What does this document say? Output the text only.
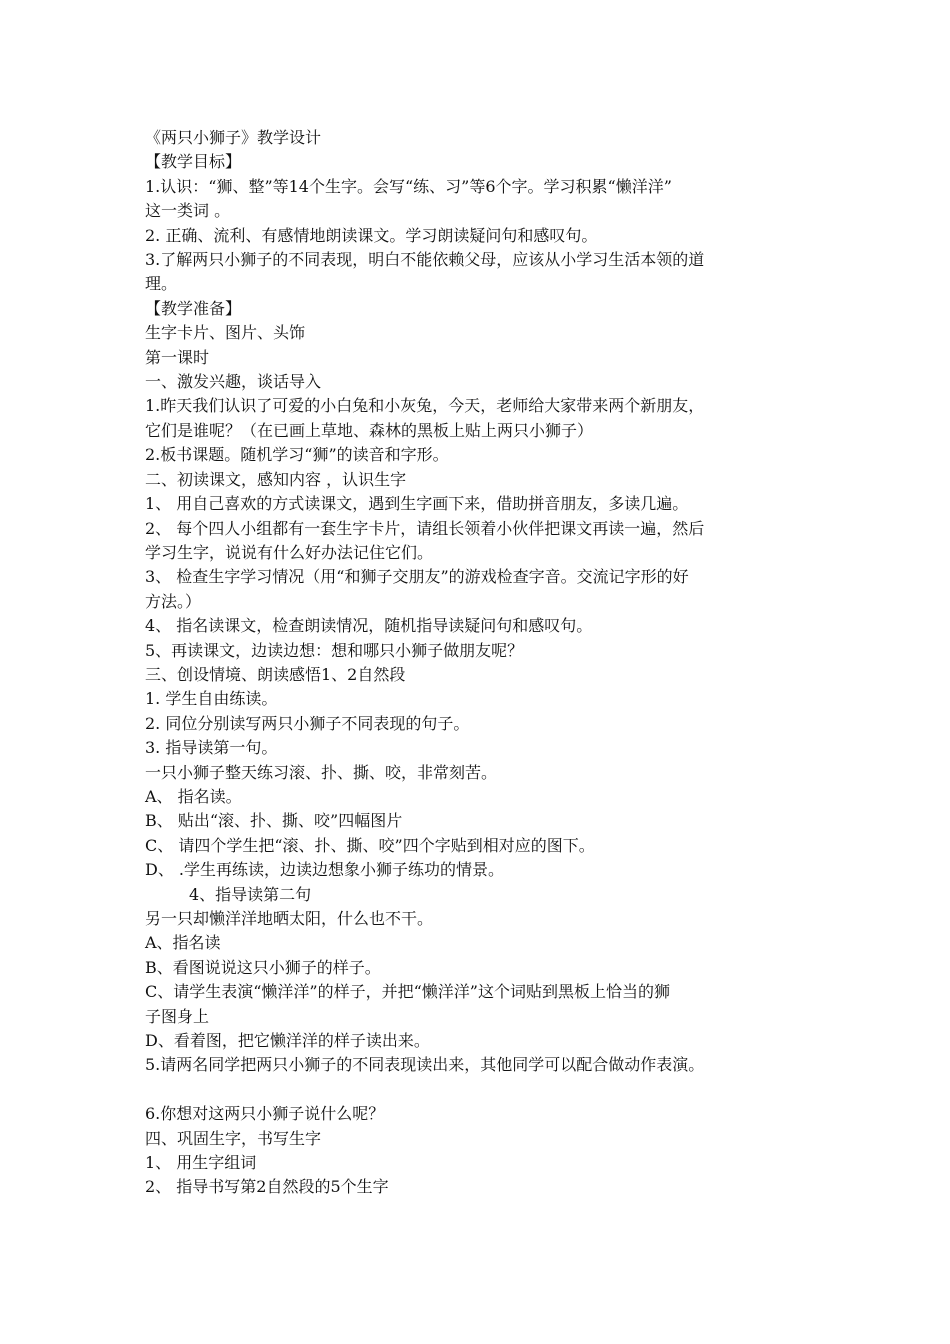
《两只小狮子》教学设计

【教学目标】

1.认识：“狮、整”等14个生字。会写“练、习”等6个字。学习积累“懒洋洋”

这一类词 。

2. 正确、流利、有感情地朗读课文。学习朗读疑问句和感叹句。

3.了解两只小狮子的不同表现，明白不能依赖父母，应该从小学习生活本领的道

理。

【教学准备】

生字卡片、图片、头饰

第一课时

一、激发兴趣，谈话导入

1.昨天我们认识了可爱的小白兔和小灰兔，今天，老师给大家带来两个新朋友，

它们是谁呢？（在已画上草地、森林的黑板上贴上两只小狮子）

2.板书课题。随机学习“狮”的读音和字形。

二、初读课文，感知内容 ，认识生字

1、 用自己喜欢的方式读课文，遇到生字画下来，借助拼音朋友，多读几遍。

2、 每个四人小组都有一套生字卡片，请组长领着小伙伴把课文再读一遍，然后

学习生字，说说有什么好办法记住它们。

3、 检查生字学习情况（用“和狮子交朋友”的游戏检查字音。交流记字形的好

方法。）

4、 指名读课文，检查朗读情况，随机指导读疑问句和感叹句。

5、再读课文，边读边想：想和哪只小狮子做朋友呢？

三、创设情境、朗读感悟1、2自然段

1. 学生自由练读。

2. 同位分别读写两只小狮子不同表现的句子。

3. 指导读第一句。

一只小狮子整天练习滚、扑、撕、咬，非常刻苦。

A、 指名读。

B、 贴出“滚、扑、撕、咬”四幅图片

C、 请四个学生把“滚、扑、撕、咬”四个字贴到相对应的图下。

D、 .学生再练读，边读边想象小狮子练功的情景。

4、指导读第二句

另一只却懒洋洋地晒太阳，什么也不干。

A、指名读

B、看图说说这只小狮子的样子。

C、请学生表演“懒洋洋”的样子，并把“懒洋洋”这个词贴到黑板上恰当的狮

子图身上

D、看着图，把它懒洋洋的样子读出来。

5.请两名同学把两只小狮子的不同表现读出来，其他同学可以配合做动作表演。

6.你想对这两只小狮子说什么呢？

四、巩固生字，书写生字

1、 用生字组词

2、 指导书写第2自然段的5个生字
